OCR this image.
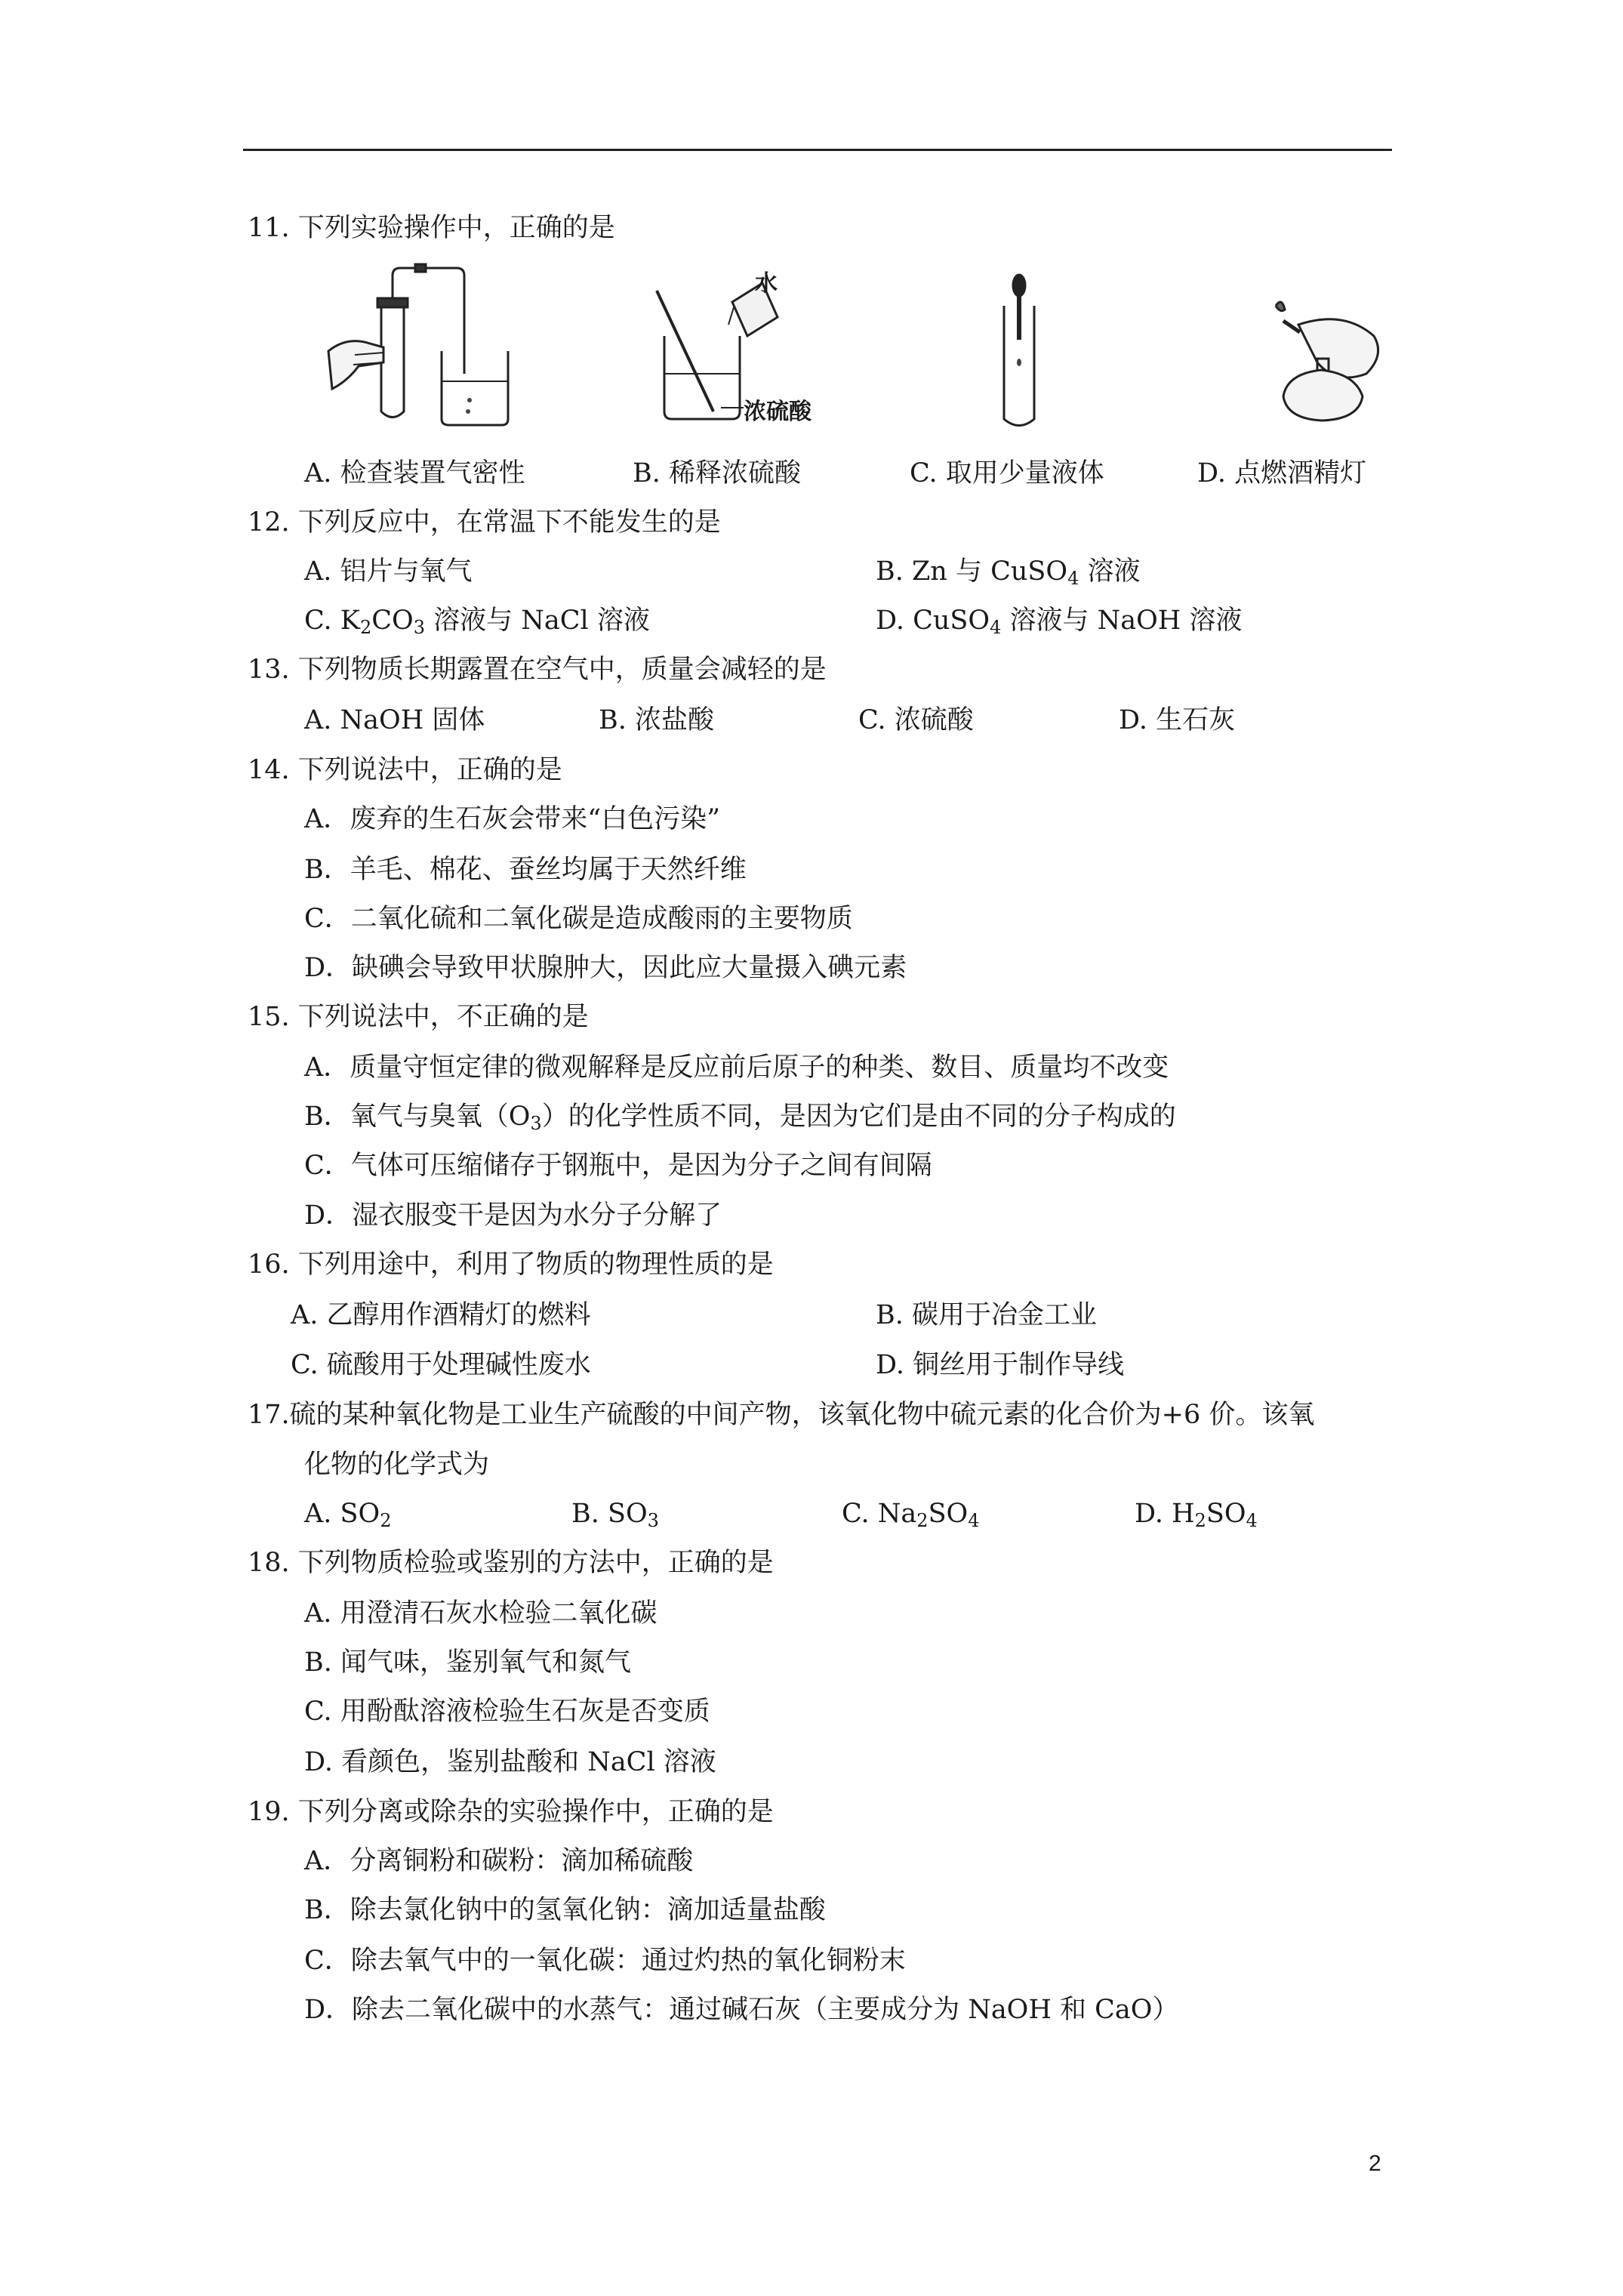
11. 下列实验操作中，正确的是
水
浓硫酸
A. 检查装置气密性	B. 稀释浓硫酸	C. 取用少量液体	D. 点燃酒精灯
12. 下列反应中，在常温下不能发生的是
A. 铝片与氧气	B. Zn 与 CuSO$_4$ 溶液
C. $K_2CO_3$ 溶液与 NaCl 溶液	D. CuSO$_4$ 溶液与 NaOH 溶液
13. 下列物质长期露置在空气中，质量会减轻的是
A. NaOH 固体	B. 浓盐酸	C. 浓硫酸	D. 生石灰
14. 下列说法中，正确的是
A．废弃的生石灰会带来“白色污染”
B．羊毛、棉花、蚕丝均属于天然纤维
C．二氧化硫和二氧化碳是造成酸雨的主要物质
D．缺碘会导致甲状腺肿大，因此应大量摄入碘元素
15. 下列说法中，不正确的是
A．质量守恒定律的微观解释是反应前后原子的种类、数目、质量均不改变
B．氧气与臭氧$(O_3)$的化学性质不同，是因为它们是由不同的分子构成的
C．气体可压缩储存于钢瓶中，是因为分子之间有间隔
D．湿衣服变干是因为水分子分解了
16. 下列用途中，利用了物质的物理性质的是
A. 乙醇用作酒精灯的燃料	B. 碳用于冶金工业
C. 硫酸用于处理碱性废水	D. 铜丝用于制作导线
17.硫的某种氧化物是工业生产硫酸的中间产物，该氧化物中硫元素的化合价为+6 价。该氧
化物的化学式为
A. $SO_2$	B. $SO_3$	C. $Na_2SO_4$	D. $H_2SO_4$
18. 下列物质检验或鉴别的方法中，正确的是
A. 用澄清石灰水检验二氧化碳
B. 闻气味，鉴别氧气和氮气
C. 用酚酞溶液检验生石灰是否变质
D. 看颜色，鉴别盐酸和 NaCl 溶液
19. 下列分离或除杂的实验操作中，正确的是
A．分离铜粉和碳粉：滴加稀硫酸
B．除去氯化钠中的氢氧化钠：滴加适量盐酸
C．除去氧气中的一氧化碳：通过灼热的氧化铜粉末
D．除去二氧化碳中的水蒸气：通过碱石灰（主要成分为 NaOH 和 CaO）
2
